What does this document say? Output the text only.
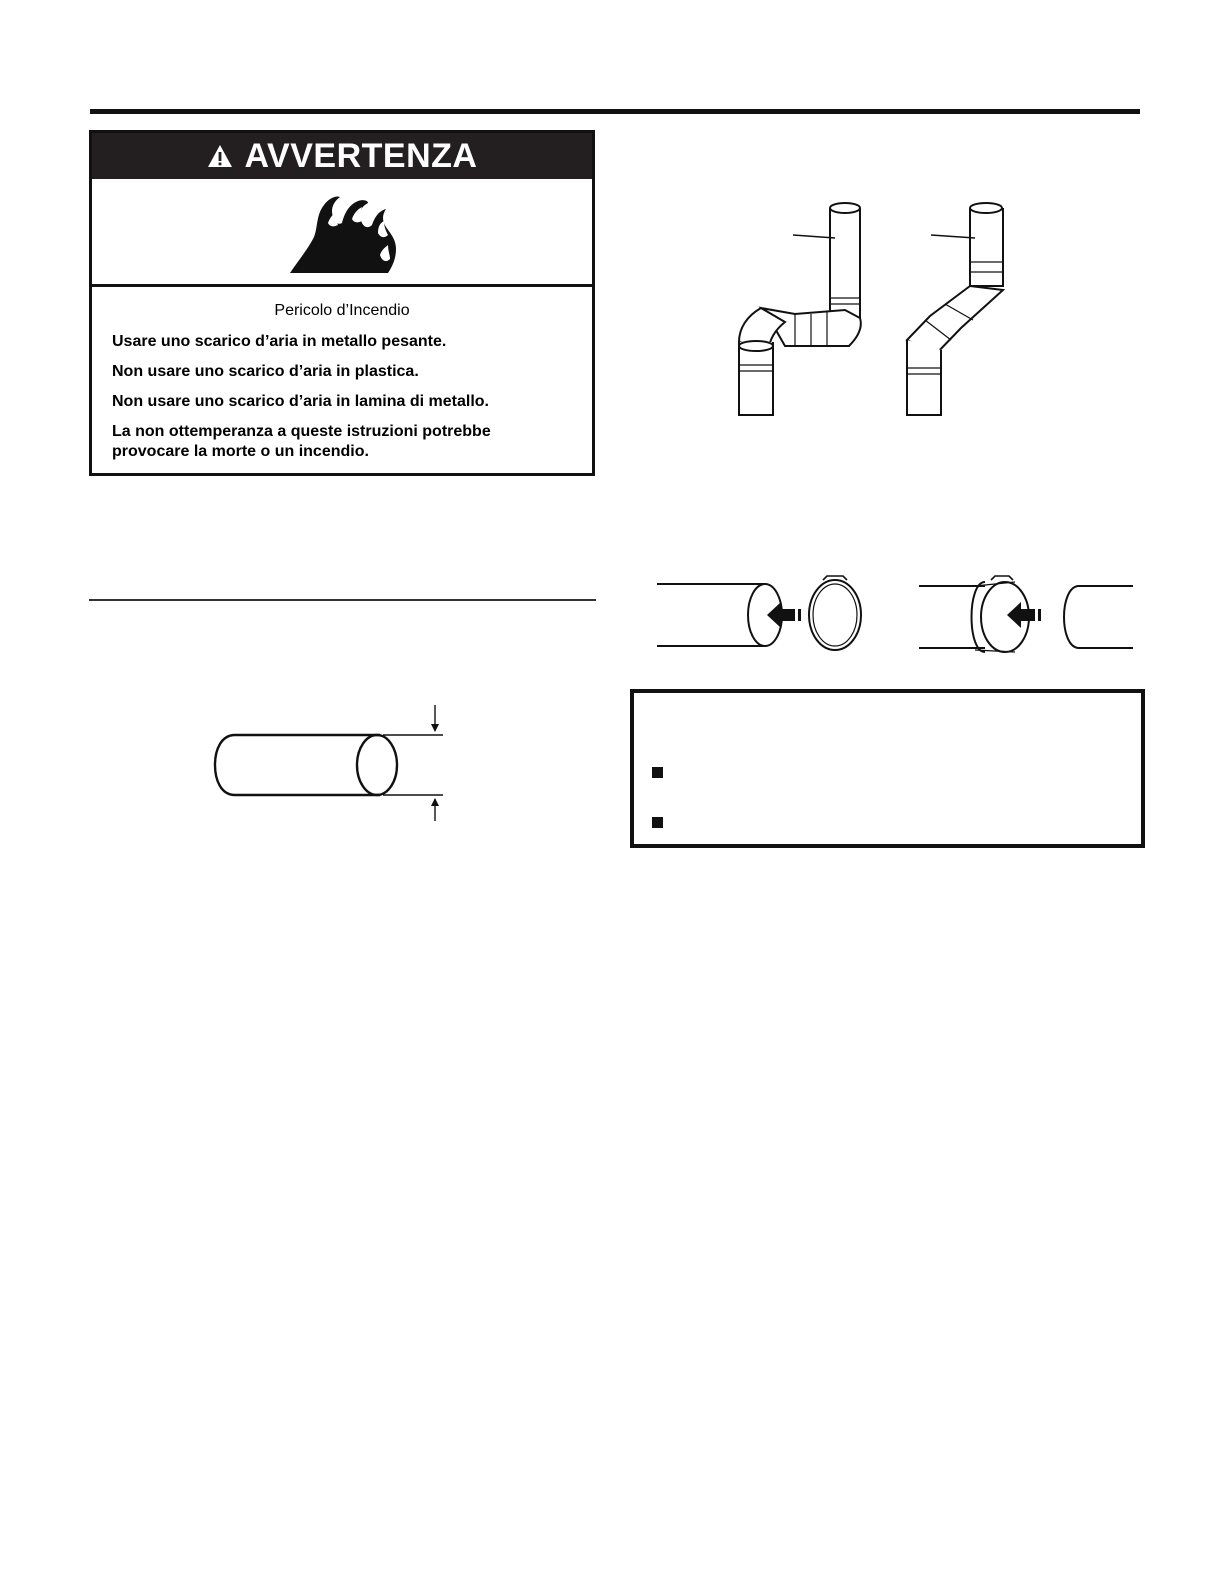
AVVERTENZA
Pericolo d’Incendio
Usare uno scarico d’aria in metallo pesante.
Non usare uno scarico d’aria in plastica.
Non usare uno scarico d’aria in lamina di metallo.
La non ottemperanza a queste istruzioni potrebbe
provocare la morte o un incendio.
